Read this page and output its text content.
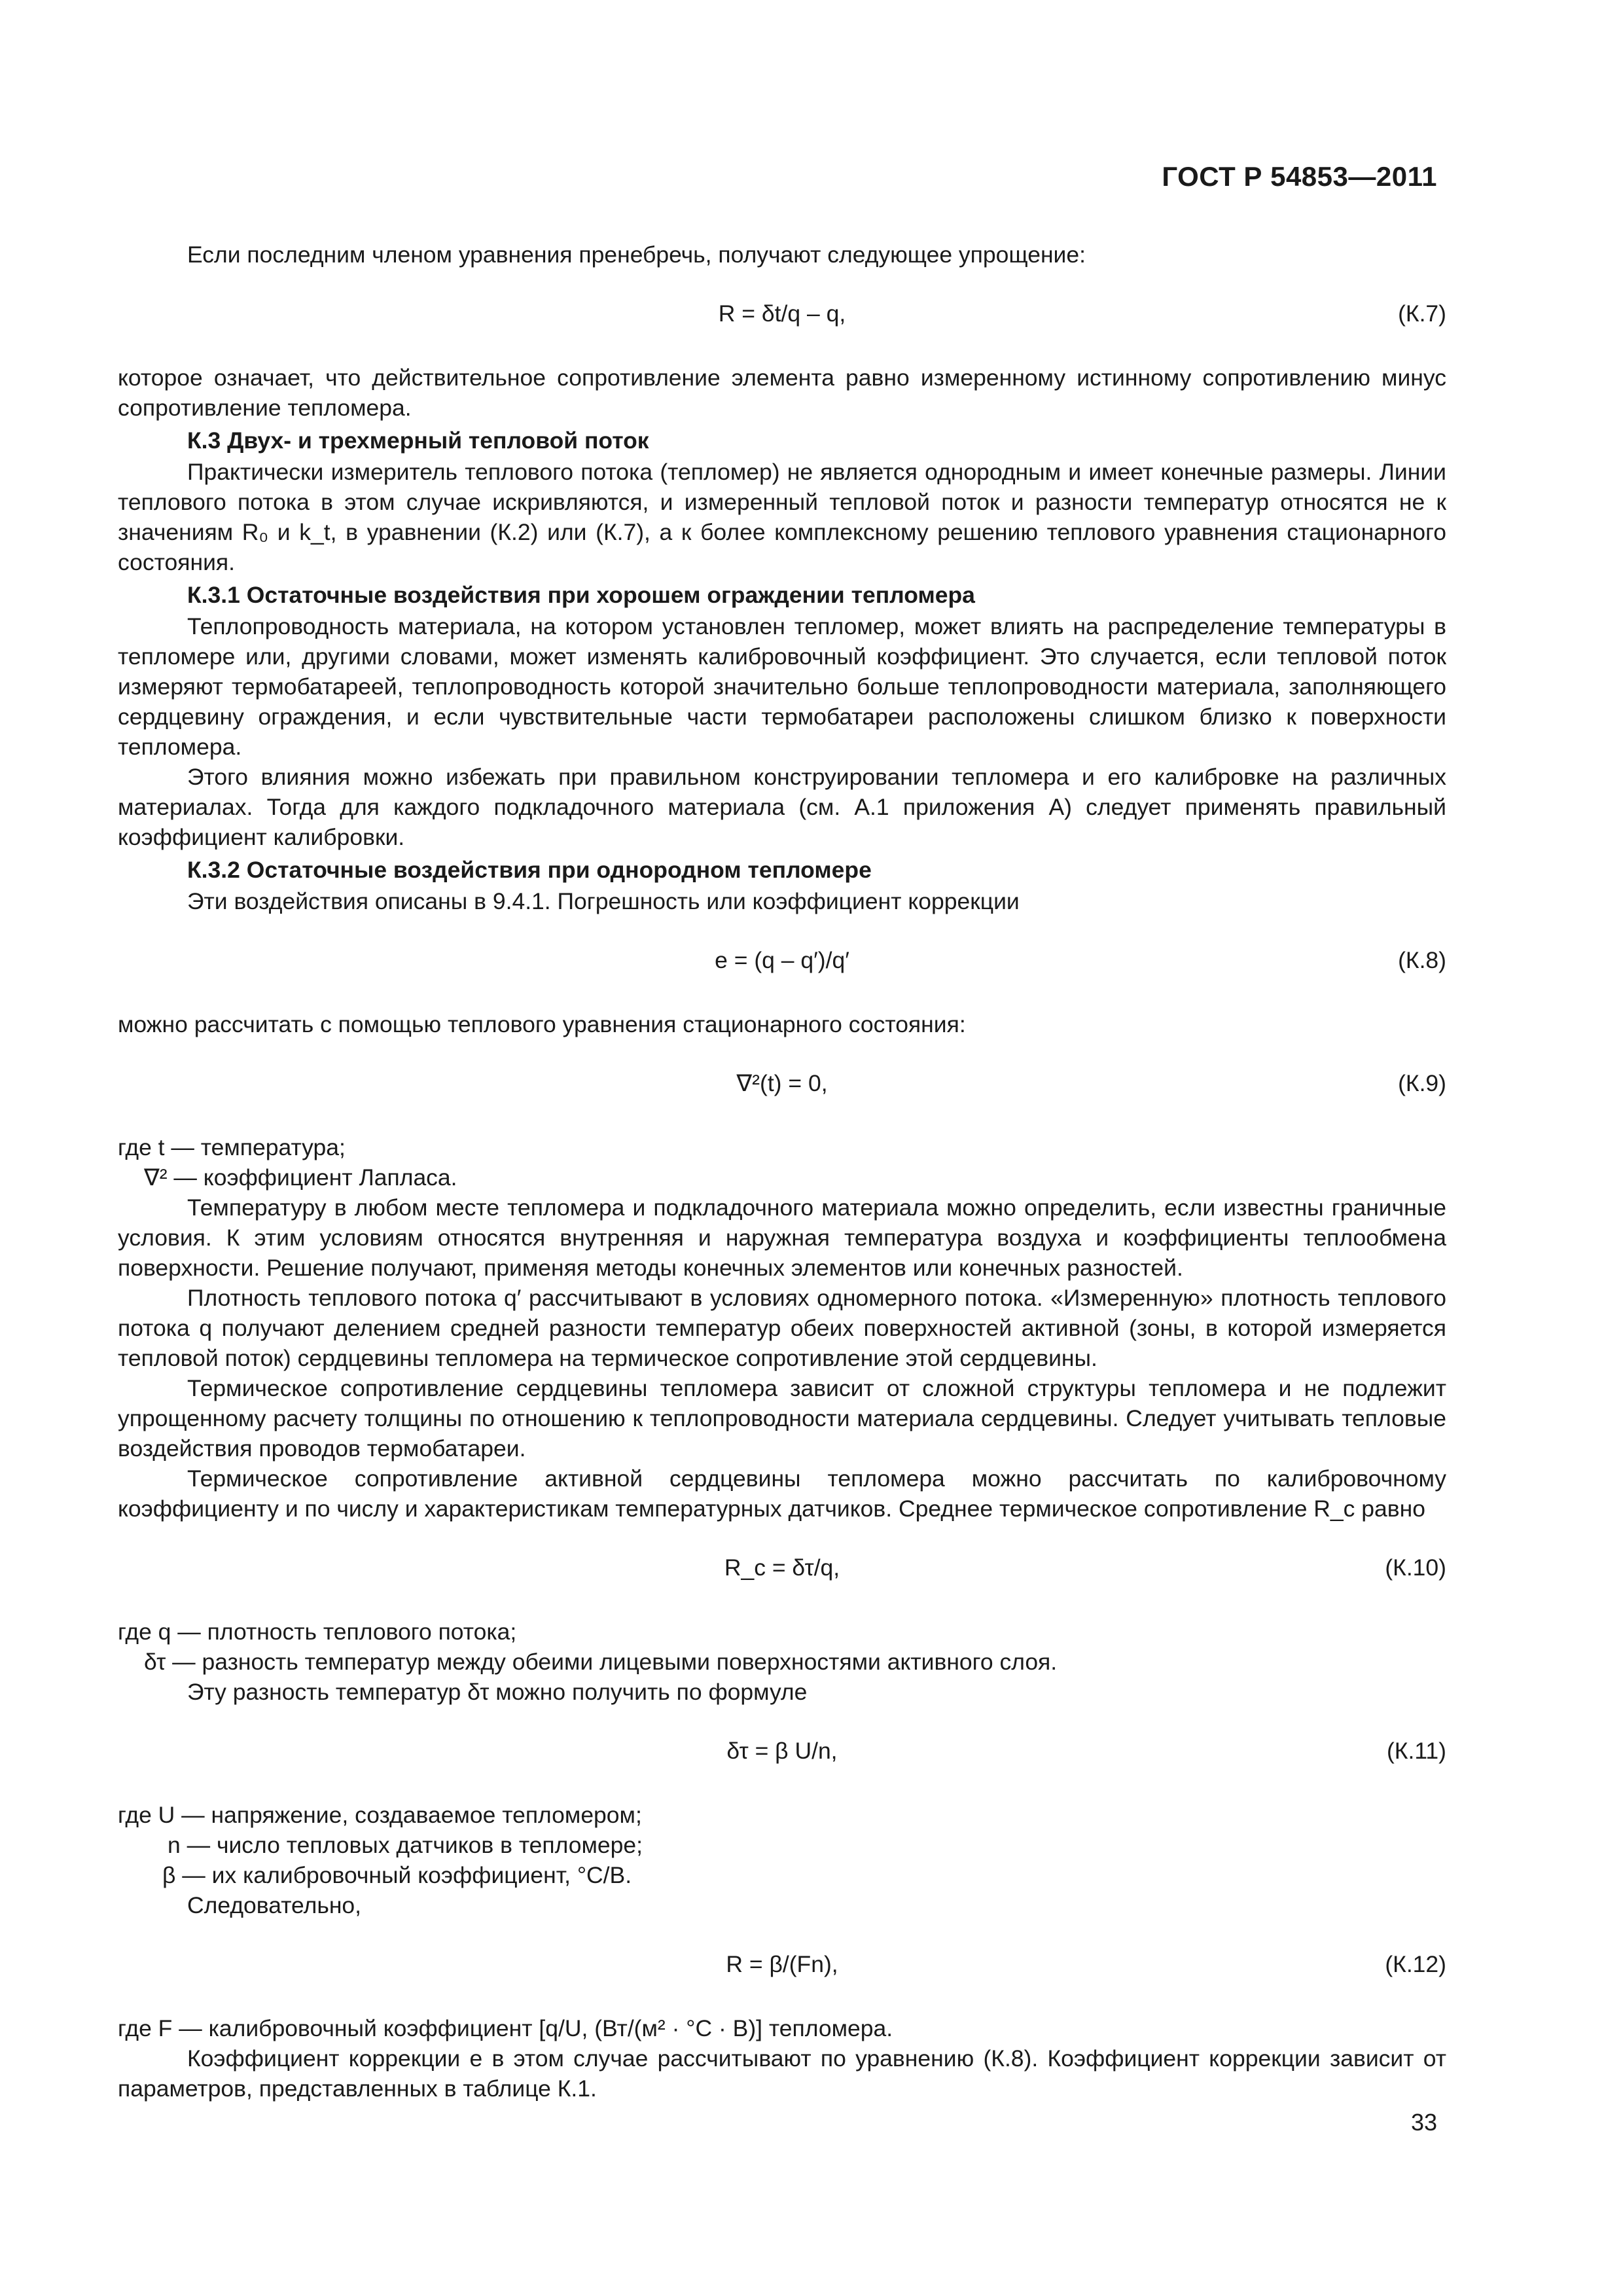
ГОСТ Р 54853—2011

Если последним членом уравнения пренебречь, получают следующее упрощение:

R = δt/q – q,	(К.7)

которое означает, что действительное сопротивление элемента равно измеренному истинному сопротивлению минус сопротивление тепломера.

К.3 Двух- и трехмерный тепловой поток

Практически измеритель теплового потока (тепломер) не является однородным и имеет конечные размеры. Линии теплового потока в этом случае искривляются, и измеренный тепловой поток и разности температур относятся не к значениям R₀ и k_t, в уравнении (К.2) или (К.7), а к более комплексному решению теплового уравнения стационарного состояния.

К.3.1 Остаточные воздействия при хорошем ограждении тепломера

Теплопроводность материала, на котором установлен тепломер, может влиять на распределение температуры в тепломере или, другими словами, может изменять калибровочный коэффициент. Это случается, если тепловой поток измеряют термобатареей, теплопроводность которой значительно больше теплопроводности материала, заполняющего сердцевину ограждения, и если чувствительные части термобатареи расположены слишком близко к поверхности тепломера.

Этого влияния можно избежать при правильном конструировании тепломера и его калибровке на различных материалах. Тогда для каждого подкладочного материала (см. А.1 приложения А) следует применять правильный коэффициент калибровки.

К.3.2 Остаточные воздействия при однородном тепломере

Эти воздействия описаны в 9.4.1. Погрешность или коэффициент коррекции

e = (q – q′)/q′	(К.8)

можно рассчитать с помощью теплового уравнения стационарного состояния:

∇²(t) = 0,	(К.9)

где t — температура;

∇² — коэффициент Лапласа.

Температуру в любом месте тепломера и подкладочного материала можно определить, если известны граничные условия. К этим условиям относятся внутренняя и наружная температура воздуха и коэффициенты теплообмена поверхности. Решение получают, применяя методы конечных элементов или конечных разностей.

Плотность теплового потока q′ рассчитывают в условиях одномерного потока. «Измеренную» плотность теплового потока q получают делением средней разности температур обеих поверхностей активной (зоны, в которой измеряется тепловой поток) сердцевины тепломера на термическое сопротивление этой сердцевины.

Термическое сопротивление сердцевины тепломера зависит от сложной структуры тепломера и не подлежит упрощенному расчету толщины по отношению к теплопроводности материала сердцевины. Следует учитывать тепловые воздействия проводов термобатареи.

Термическое сопротивление активной сердцевины тепломера можно рассчитать по калибровочному коэффициенту и по числу и характеристикам температурных датчиков. Среднее термическое сопротивление R_c равно

R_c = δτ/q,	(К.10)

где q — плотность теплового потока;

δτ — разность температур между обеими лицевыми поверхностями активного слоя.

Эту разность температур δτ можно получить по формуле

δτ = β U/n,	(К.11)

где U — напряжение, создаваемое тепломером;

n — число тепловых датчиков в тепломере;

β — их калибровочный коэффициент, °С/В.

Следовательно,

R = β/(Fn),	(К.12)

где F — калибровочный коэффициент [q/U, (Вт/(м² · °С · В)] тепломера.

Коэффициент коррекции е в этом случае рассчитывают по уравнению (К.8). Коэффициент коррекции зависит от параметров, представленных в таблице К.1.

33
